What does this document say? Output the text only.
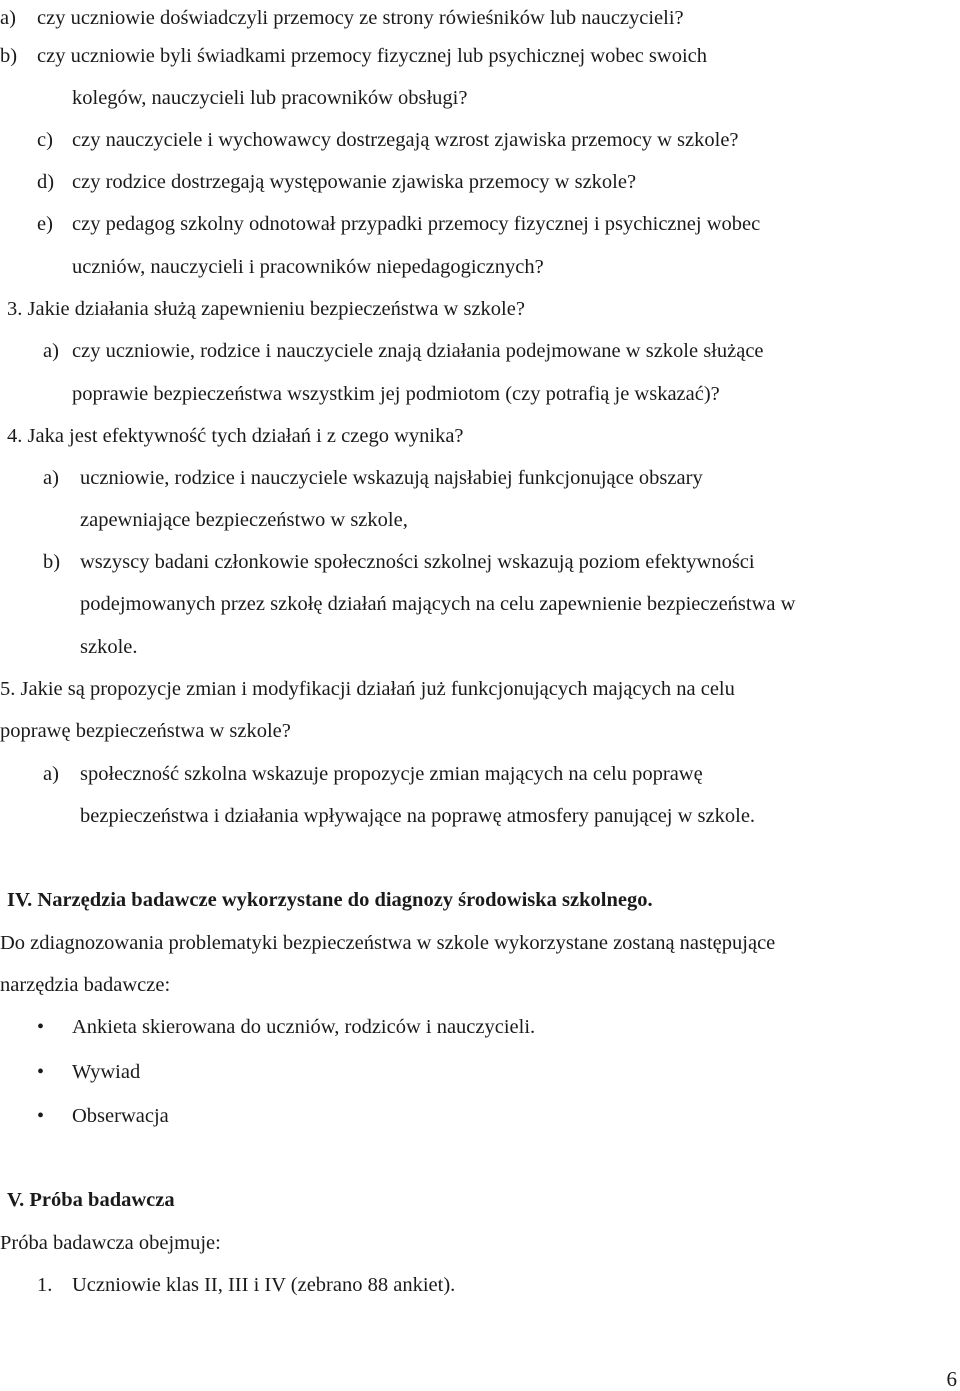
a) czy uczniowie doświadczyli przemocy ze strony rówieśników lub nauczycieli?
b) czy uczniowie byli świadkami przemocy fizycznej lub psychicznej wobec swoich
kolegów, nauczycieli lub pracowników obsługi?
c) czy nauczyciele i wychowawcy dostrzegają wzrost zjawiska przemocy w szkole?
d) czy rodzice dostrzegają występowanie zjawiska przemocy w szkole?
e) czy pedagog szkolny odnotował przypadki przemocy fizycznej i psychicznej wobec
uczniów, nauczycieli i pracowników niepedagogicznych?
3. Jakie działania służą zapewnieniu bezpieczeństwa w szkole?
a) czy uczniowie, rodzice i nauczyciele znają działania podejmowane w szkole służące
poprawie bezpieczeństwa wszystkim jej podmiotom (czy potrafią je wskazać)?
4. Jaka jest efektywność tych działań i z czego wynika?
a) uczniowie, rodzice i nauczyciele wskazują najsłabiej funkcjonujące obszary
zapewniające bezpieczeństwo w szkole,
b) wszyscy badani członkowie społeczności szkolnej wskazują poziom efektywności
podejmowanych przez szkołę działań mających na celu zapewnienie bezpieczeństwa w
szkole.
5. Jakie są propozycje zmian i modyfikacji działań już funkcjonujących mających na celu
poprawę bezpieczeństwa w szkole?
a) społeczność szkolna wskazuje propozycje zmian mających na celu poprawę
bezpieczeństwa i działania wpływające na poprawę atmosfery panującej w szkole.
IV. Narzędzia badawcze wykorzystane do diagnozy środowiska szkolnego.
Do zdiagnozowania problematyki bezpieczeństwa w szkole wykorzystane zostaną następujące
narzędzia badawcze:
• Ankieta skierowana do uczniów, rodziców i nauczycieli.
• Wywiad
• Obserwacja
V. Próba badawcza
Próba badawcza obejmuje:
1. Uczniowie klas II, III i IV (zebrano 88 ankiet).
6
